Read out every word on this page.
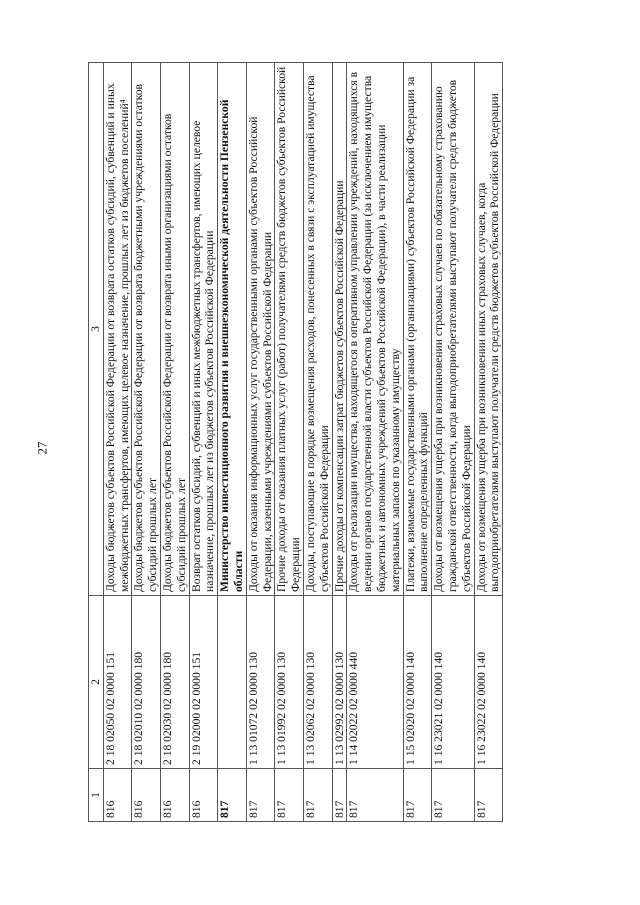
27
1	2	3
816	2 18 02050 02 0000 151	Доходы бюджетов субъектов Российской Федерации от возврата остатков субсидий, субвенций и иных межбюджетных трансфертов, имеющих целевое назначение, прошлых лет из бюджетов поселений⁴
816	2 18 02010 02 0000 180	Доходы бюджетов субъектов Российской Федерации от возврата бюджетными учреждениями остатков субсидий прошлых лет
816	2 18 02030 02 0000 180	Доходы бюджетов субъектов Российской Федерации от возврата иными организациями остатков субсидий прошлых лет
816	2 19 02000 02 0000 151	Возврат остатков субсидий, субвенций и иных межбюджетных трансфертов, имеющих целевое назначение, прошлых лет из бюджетов субъектов Российской Федерации
817		Министерство инвестиционного развития и внешнеэкономической деятельности Пензенской области
817	1 13 01072 02 0000 130	Доходы от оказания информационных услуг государственными органами субъектов Российской Федерации, казенными учреждениями субъектов Российской Федерации
817	1 13 01992 02 0000 130	Прочие доходы от оказания платных услуг (работ) получателями средств бюджетов субъектов Российской Федерации
817	1 13 02062 02 0000 130	Доходы, поступающие в порядке возмещения расходов, понесенных в связи с эксплуатацией имущества субъектов Российской Федерации
817	1 13 02992 02 0000 130	Прочие доходы от компенсации затрат бюджетов субъектов Российской Федерации
817	1 14 02022 02 0000 440	Доходы от реализации имущества, находящегося в оперативном управлении учреждений, находящихся в ведении органов государственной власти субъектов Российской Федерации (за исключением имущества бюджетных и автономных учреждений субъектов Российской Федерации), в части реализации материальных запасов по указанному имуществу
817	1 15 02020 02 0000 140	Платежи, взимаемые государственными органами (организациями) субъектов Российской Федерации за выполнение определенных функций
817	1 16 23021 02 0000 140	Доходы от возмещения ущерба при возникновении страховых случаев по обязательному страхованию гражданской ответственности, когда выгодоприобретателями выступают получатели средств бюджетов субъектов Российской Федерации
817	1 16 23022 02 0000 140	Доходы от возмещения ущерба при возникновении иных страховых случаев, когда выгодоприобретателями выступают получатели средств бюджетов субъектов Российской Федерации
